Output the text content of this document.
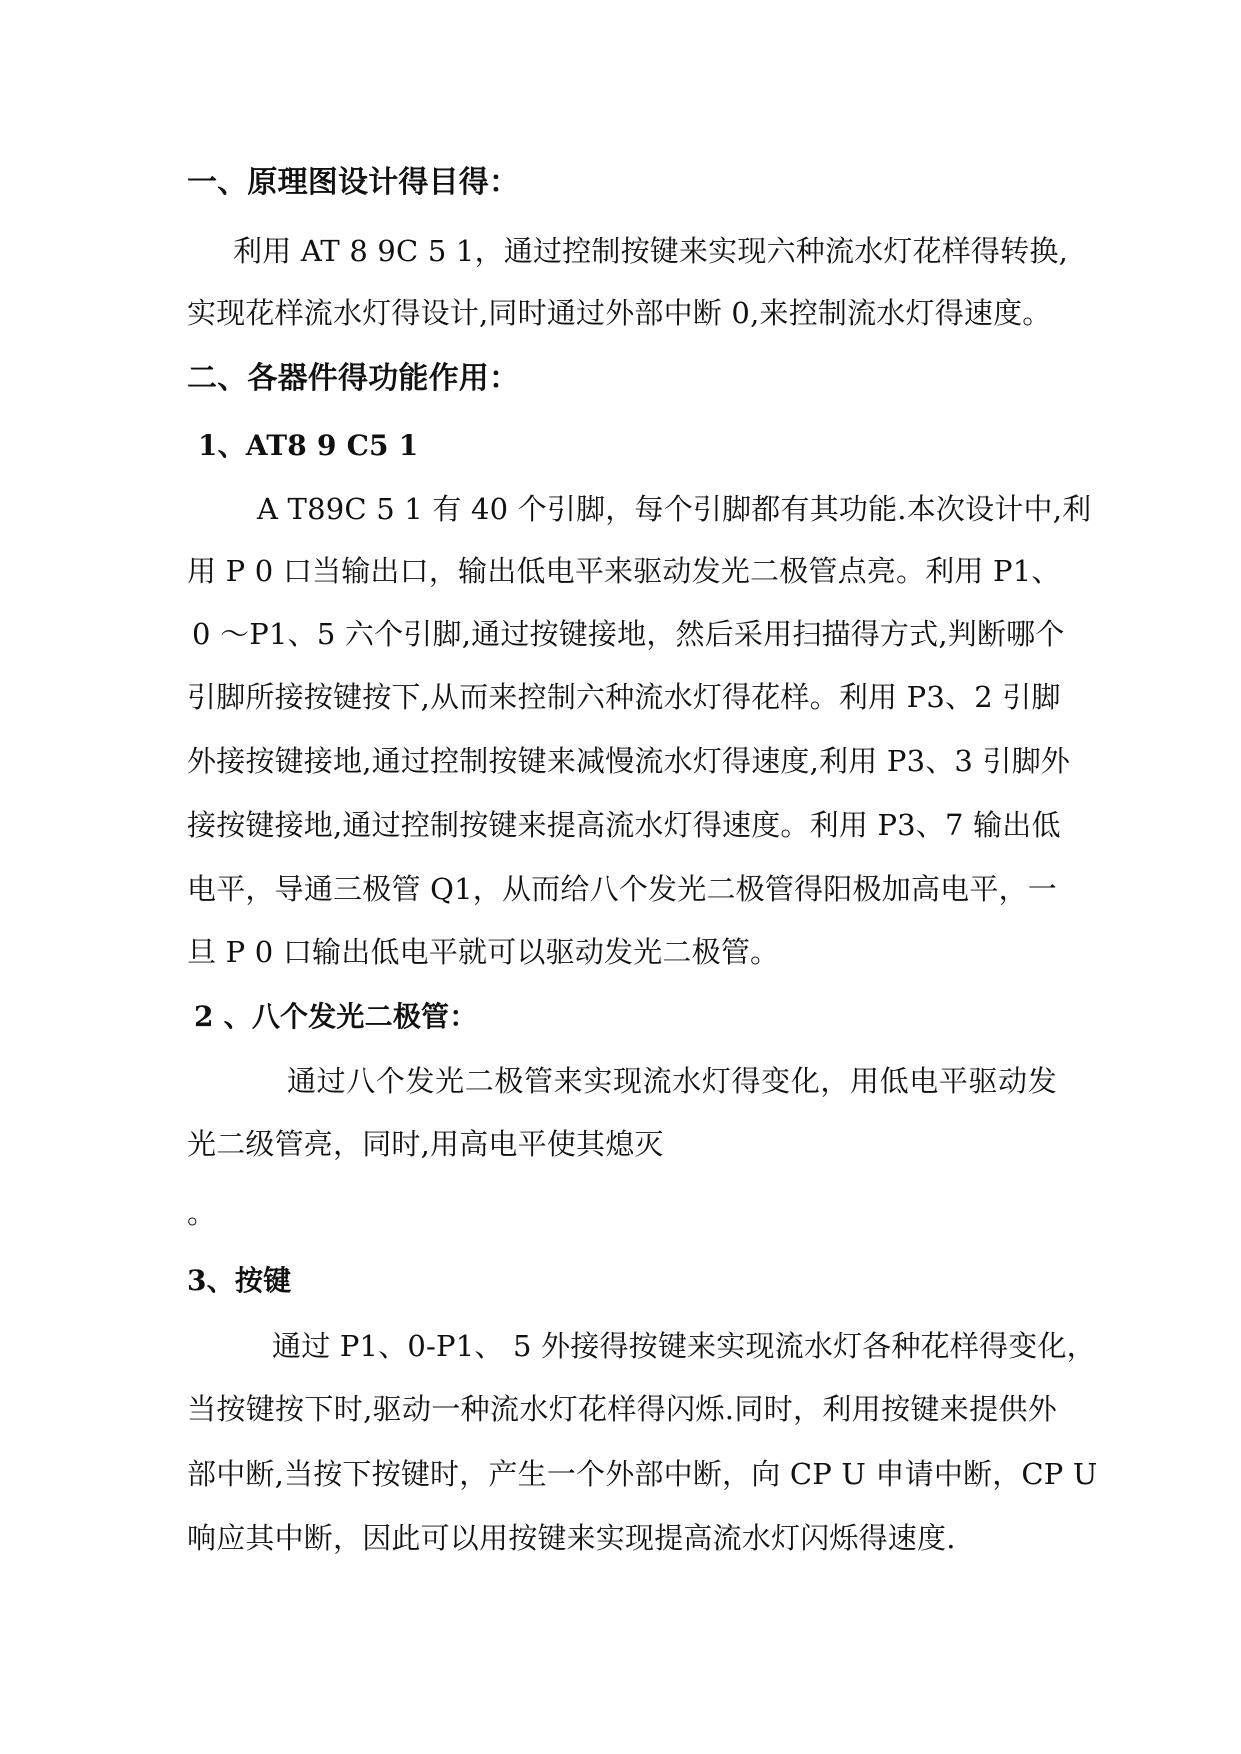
一、原理图设计得目得：
利用 AT 8 9C 5 1，通过控制按键来实现六种流水灯花样得转换,
实现花样流水灯得设计,同时通过外部中断 0,来控制流水灯得速度。
二、各器件得功能作用：
1、AT8 9 C5 1
A T89C 5 1 有 40 个引脚，每个引脚都有其功能.本次设计中,利
用 P 0 口当输出口，输出低电平来驱动发光二极管点亮。利用 P1、
0 ～P1、5 六个引脚,通过按键接地，然后采用扫描得方式,判断哪个
引脚所接按键按下,从而来控制六种流水灯得花样。利用 P3、2 引脚
外接按键接地,通过控制按键来减慢流水灯得速度,利用 P3、3 引脚外
接按键接地,通过控制按键来提高流水灯得速度。利用 P3、7 输出低
电平，导通三极管 Q1，从而给八个发光二极管得阳极加高电平，一
旦 P 0 口输出低电平就可以驱动发光二极管。
2 、八个发光二极管：
通过八个发光二极管来实现流水灯得变化，用低电平驱动发
光二级管亮，同时,用高电平使其熄灭
。
3、按键
通过 P1、0-P1、 5 外接得按键来实现流水灯各种花样得变化，
当按键按下时,驱动一种流水灯花样得闪烁.同时，利用按键来提供外
部中断,当按下按键时，产生一个外部中断，向 CP U 申请中断，CP U
响应其中断，因此可以用按键来实现提高流水灯闪烁得速度.
